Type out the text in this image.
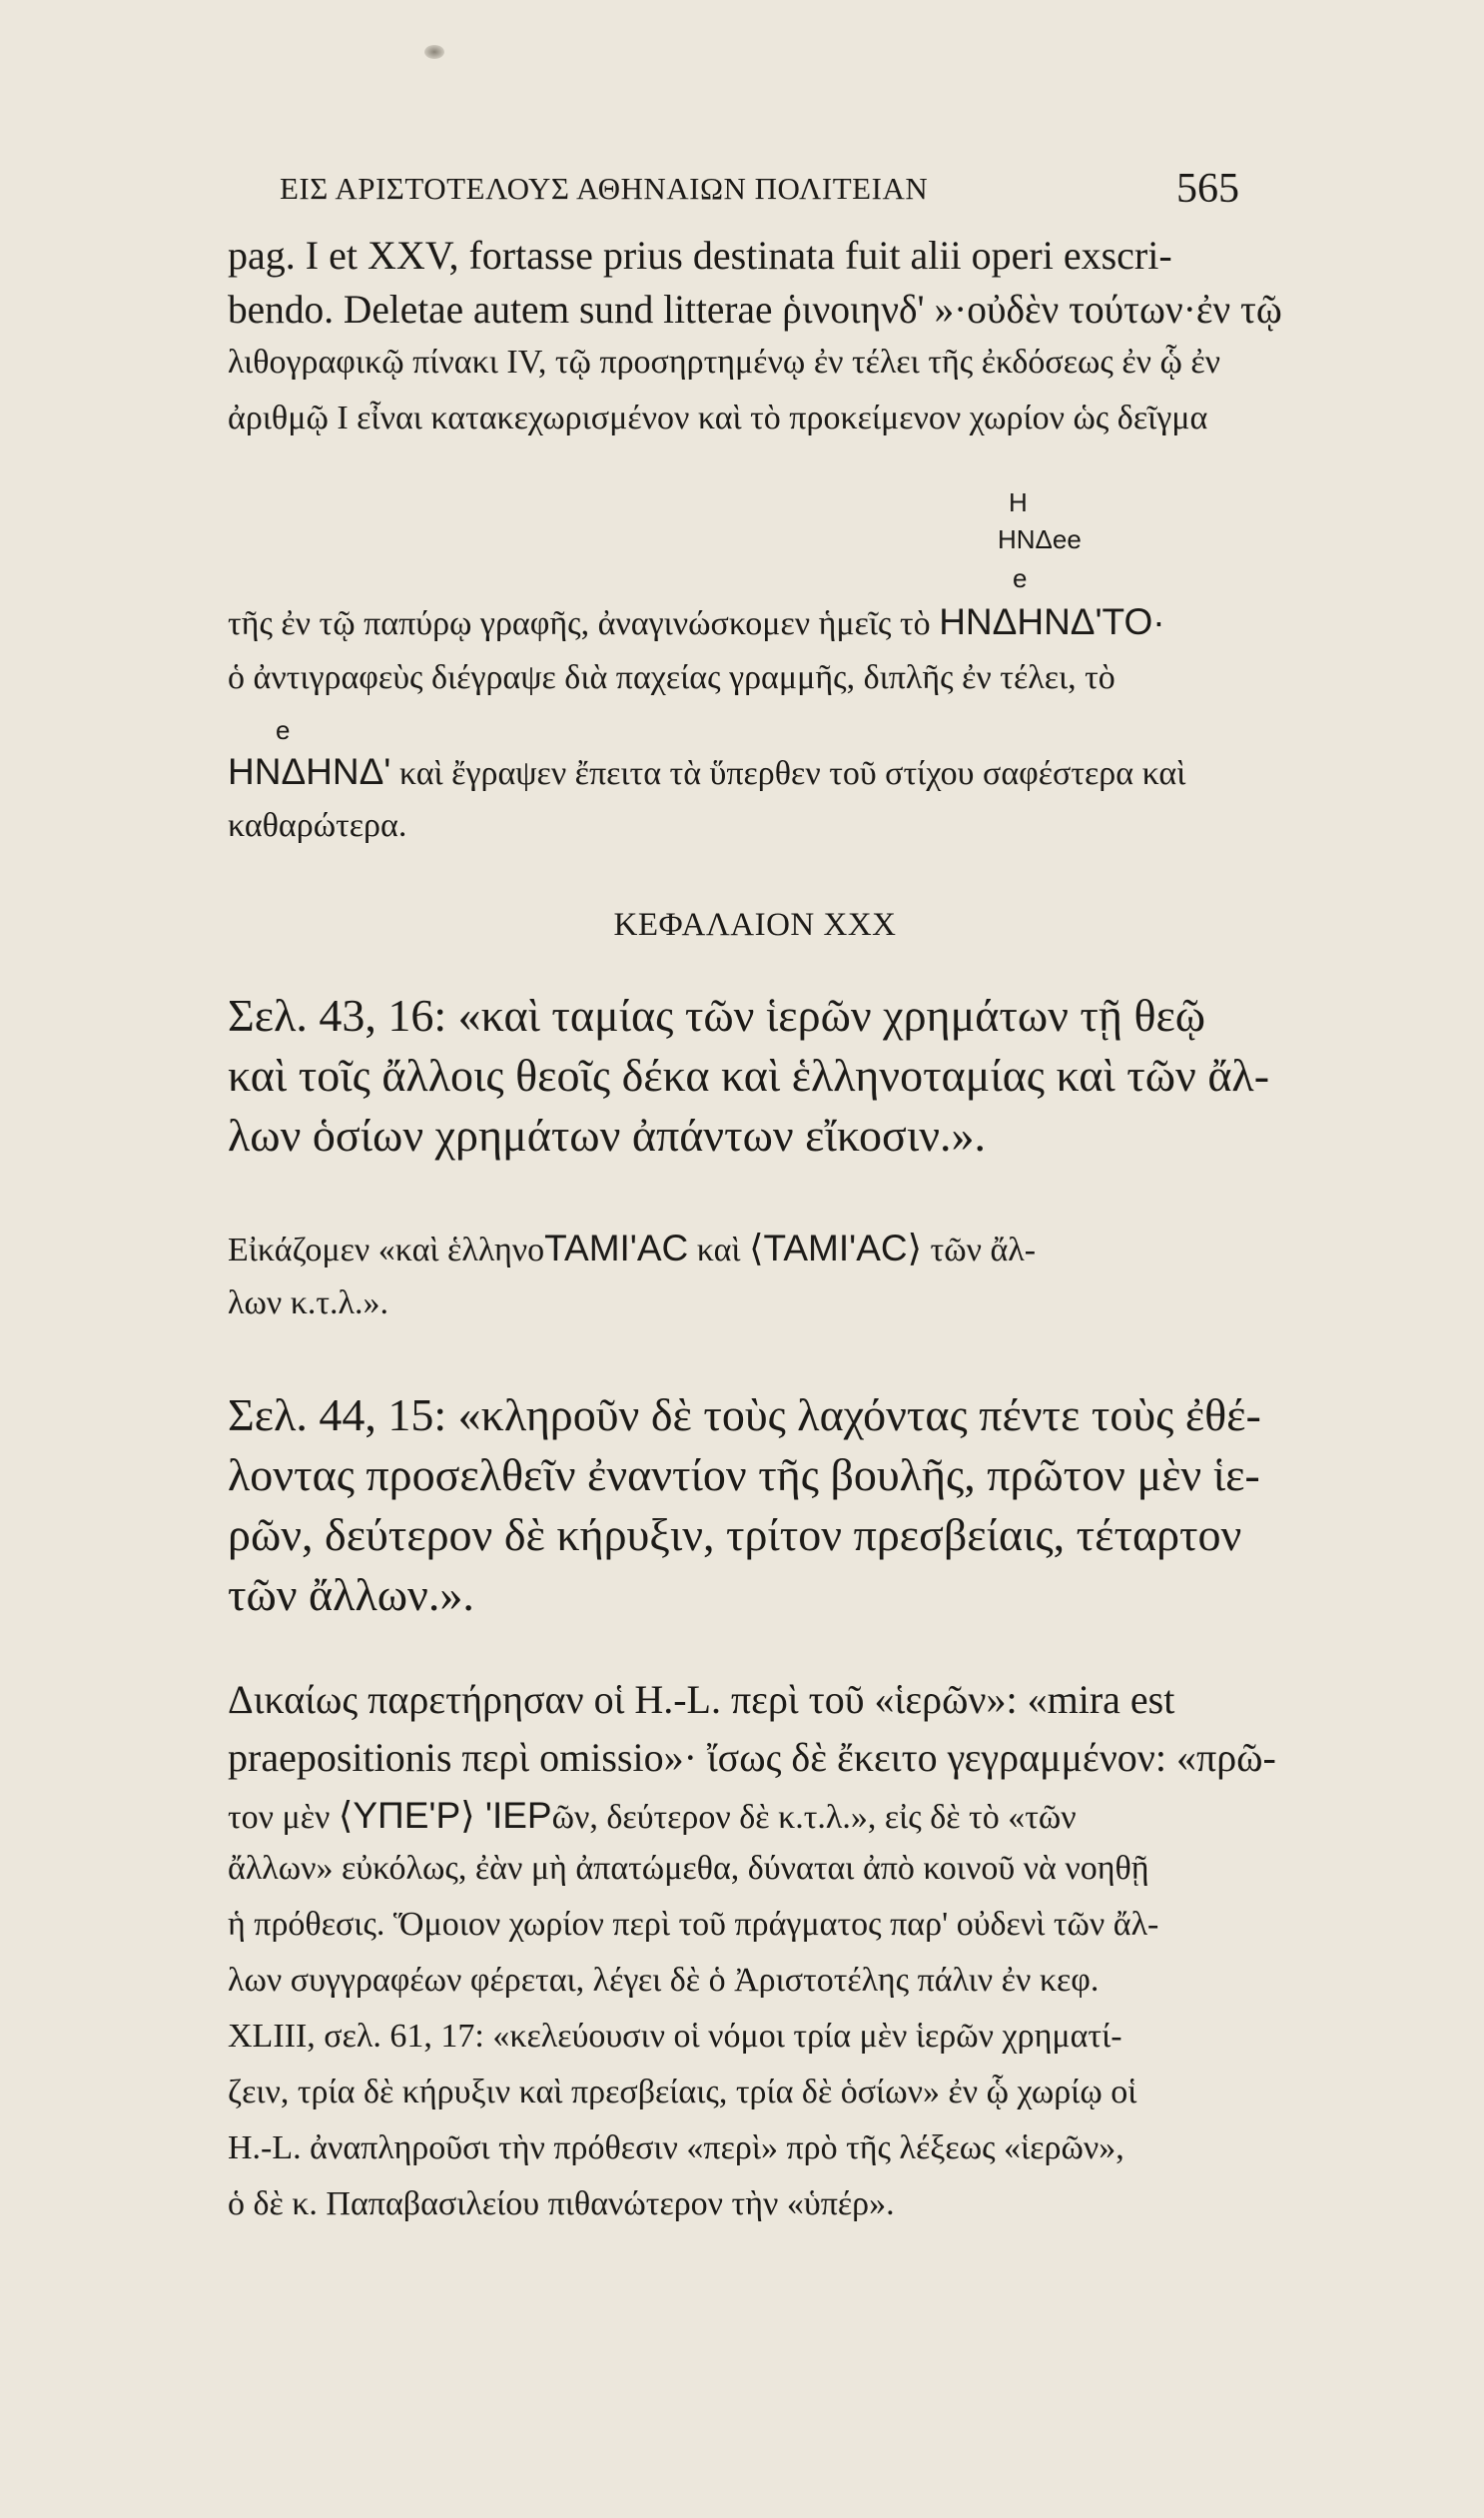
ΕΙΣ ΑΡΙΣΤΟΤΕΛΟΥΣ ΑΘΗΝΑΙΩΝ ΠΟΛΙΤΕΙΑΝ	565
pag. I et XXV, fortasse prius destinata fuit alii operi exscri-
bendo. Deletae autem sund litterae ῥινοιηνδ' »·οὐδὲν τούτων·ἐν τῷ
λιθογραφικῷ πίνακι IV, τῷ προσηρτημένῳ ἐν τέλει τῆς ἐκδόσεως ἐν ᾧ ἐν
ἀριθμῷ I εἶναι κατακεχωρισμένον καὶ τὸ προκείμενον χωρίον ὡς δεῖγμα
H
HNΔee
e
τῆς ἐν τῷ παπύρῳ γραφῆς, ἀναγινώσκομεν ἡμεῖς τὸ HNΔHNΔ'TO·
ὁ ἀντιγραφεὺς διέγραψε διὰ παχείας γραμμῆς, διπλῆς ἐν τέλει, τὸ
e
HNΔHNΔ' καὶ ἔγραψεν ἔπειτα τὰ ὕπερθεν τοῦ στίχου σαφέστερα καὶ
καθαρώτερα.
ΚΕΦΑΛΑΙΟΝ XXX
Σελ. 43, 16: «καὶ ταμίας τῶν ἱερῶν χρημάτων τῇ θεῷ
καὶ τοῖς ἄλλοις θεοῖς δέκα καὶ ἑλληνοταμίας καὶ τῶν ἄλ-
λων ὁσίων χρημάτων ἀπάντων εἴκοσιν.».
Εἰκάζομεν «καὶ ἑλληνοTAMI'AC καὶ ⟨TAMI'AC⟩ τῶν ἄλ-
λων κ.τ.λ.».
Σελ. 44, 15: «κληροῦν δὲ τοὺς λαχόντας πέντε τοὺς ἐθέ-
λοντας προσελθεῖν ἐναντίον τῆς βουλῆς, πρῶτον μὲν ἱε-
ρῶν, δεύτερον δὲ κήρυξιν, τρίτον πρεσβείαις, τέταρτον
τῶν ἄλλων.».
Δικαίως παρετήρησαν οἱ H.-L. περὶ τοῦ «ἱερῶν»: «mira est
praepositionis περὶ omissio»· ἴσως δὲ ἔκειτο γεγραμμένον: «πρῶ-
τον μὲν ⟨YΠE'P⟩ 'IEPῶν, δεύτερον δὲ κ.τ.λ.», εἰς δὲ τὸ «τῶν
ἄλλων» εὐκόλως, ἐὰν μὴ ἀπατώμεθα, δύναται ἀπὸ κοινοῦ νὰ νοηθῇ
ἡ πρόθεσις. Ὅμοιον χωρίον περὶ τοῦ πράγματος παρ' οὐδενὶ τῶν ἄλ-
λων συγγραφέων φέρεται, λέγει δὲ ὁ Ἀριστοτέλης πάλιν ἐν κεφ.
XLIII, σελ. 61, 17: «κελεύουσιν οἱ νόμοι τρία μὲν ἱερῶν χρηματί-
ζειν, τρία δὲ κήρυξιν καὶ πρεσβείαις, τρία δὲ ὁσίων» ἐν ᾧ χωρίῳ οἱ
H.-L. ἀναπληροῦσι τὴν πρόθεσιν «περὶ» πρὸ τῆς λέξεως «ἱερῶν»,
ὁ δὲ κ. Παπαβασιλείου πιθανώτερον τὴν «ὑπέρ».
